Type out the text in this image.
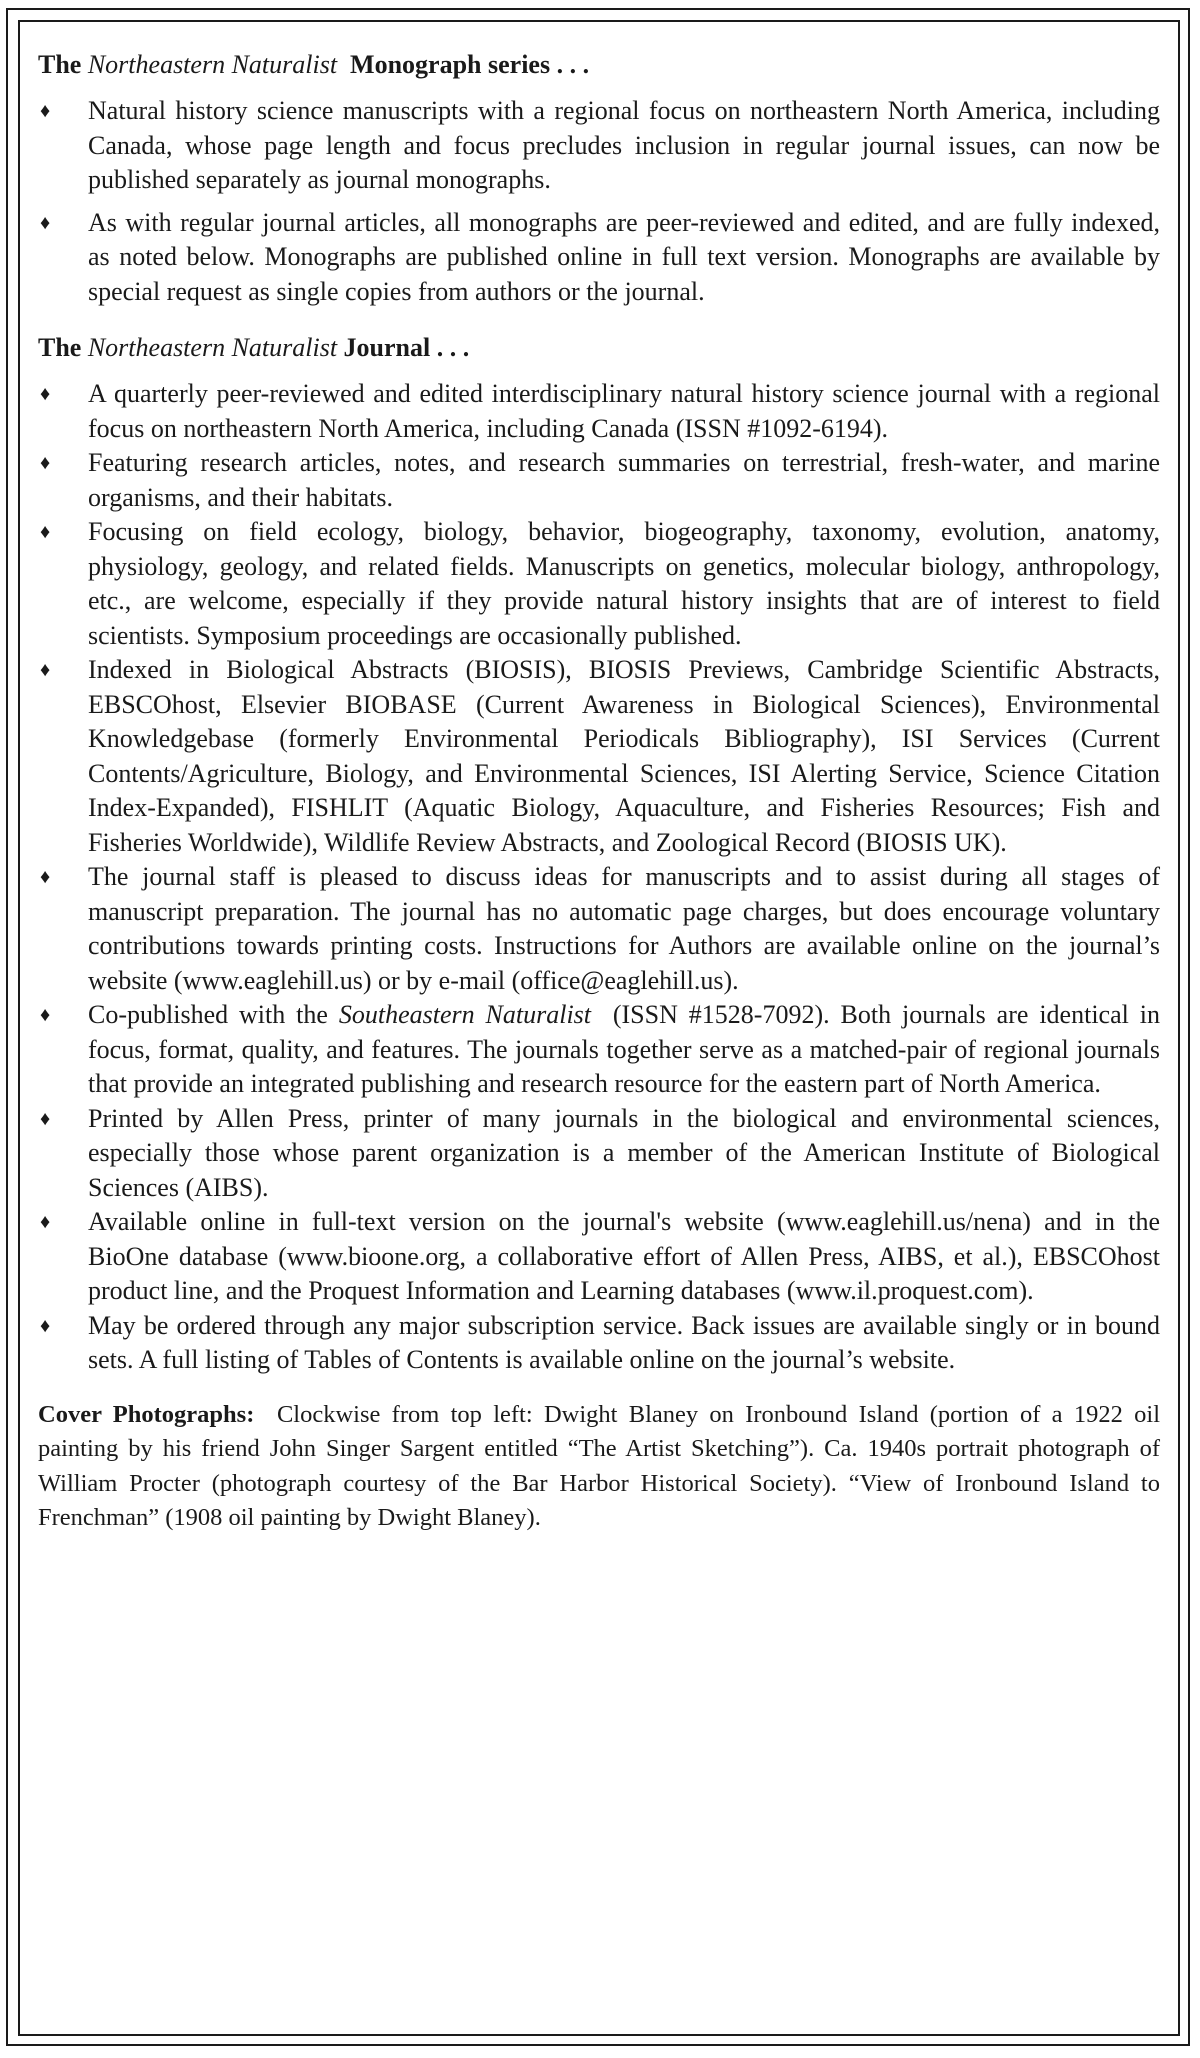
The Northeastern Naturalist  Monograph series . . .
♦ Natural history science manuscripts with a regional focus on northeastern North America, including Canada, whose page length and focus precludes inclusion in regular journal issues, can now be published separately as journal monographs.
♦ As with regular journal articles, all monographs are peer-reviewed and edited, and are fully indexed, as noted below. Monographs are published online in full text version. Monographs are available by special request as single copies from authors or the journal.
The Northeastern Naturalist Journal . . .
♦ A quarterly peer-reviewed and edited interdisciplinary natural history science journal with a regional focus on northeastern North America, including Canada (ISSN #1092-6194).
♦ Featuring research articles, notes, and research summaries on terrestrial, fresh-water, and marine organisms, and their habitats.
♦ Focusing on field ecology, biology, behavior, biogeography, taxonomy, evolution, anatomy, physiology, geology, and related fields. Manuscripts on genetics, molecular biology, anthropology, etc., are welcome, especially if they provide natural history insights that are of interest to field scientists. Symposium proceedings are occasionally published.
♦ Indexed in Biological Abstracts (BIOSIS), BIOSIS Previews, Cambridge Scientific Abstracts, EBSCOhost, Elsevier BIOBASE (Current Awareness in Biological Sciences), Environmental Knowledgebase (formerly Environmental Periodicals Bibliography), ISI Services (Current Contents/Agriculture, Biology, and Environmental Sciences, ISI Alerting Service, Science Citation Index-Expanded), FISHLIT (Aquatic Biology, Aquaculture, and Fisheries Resources; Fish and Fisheries Worldwide), Wildlife Review Abstracts, and Zoological Record (BIOSIS UK).
♦ The journal staff is pleased to discuss ideas for manuscripts and to assist during all stages of manuscript preparation. The journal has no automatic page charges, but does encourage voluntary contributions towards printing costs. Instructions for Authors are available online on the journal’s website (www.eaglehill.us) or by e-mail (office@eaglehill.us).
♦ Co-published with the Southeastern Naturalist  (ISSN #1528-7092). Both journals are identical in focus, format, quality, and features. The journals together serve as a matched-pair of regional journals that provide an integrated publishing and research resource for the eastern part of North America.
♦ Printed by Allen Press, printer of many journals in the biological and environmental sciences, especially those whose parent organization is a member of the American Institute of Biological Sciences (AIBS).
♦ Available online in full-text version on the journal's website (www.eaglehill.us/nena) and in the BioOne database (www.bioone.org, a collaborative effort of Allen Press, AIBS, et al.), EBSCOhost product line, and the Proquest Information and Learning databases (www.il.proquest.com).
♦ May be ordered through any major subscription service. Back issues are available singly or in bound sets. A full listing of Tables of Contents is available online on the journal’s website.
Cover Photographs:  Clockwise from top left: Dwight Blaney on Ironbound Island (portion of a 1922 oil painting by his friend John Singer Sargent entitled “The Artist Sketching”). Ca. 1940s portrait photograph of William Procter (photograph courtesy of the Bar Harbor Historical Society). “View of Ironbound Island to Frenchman” (1908 oil painting by Dwight Blaney).
